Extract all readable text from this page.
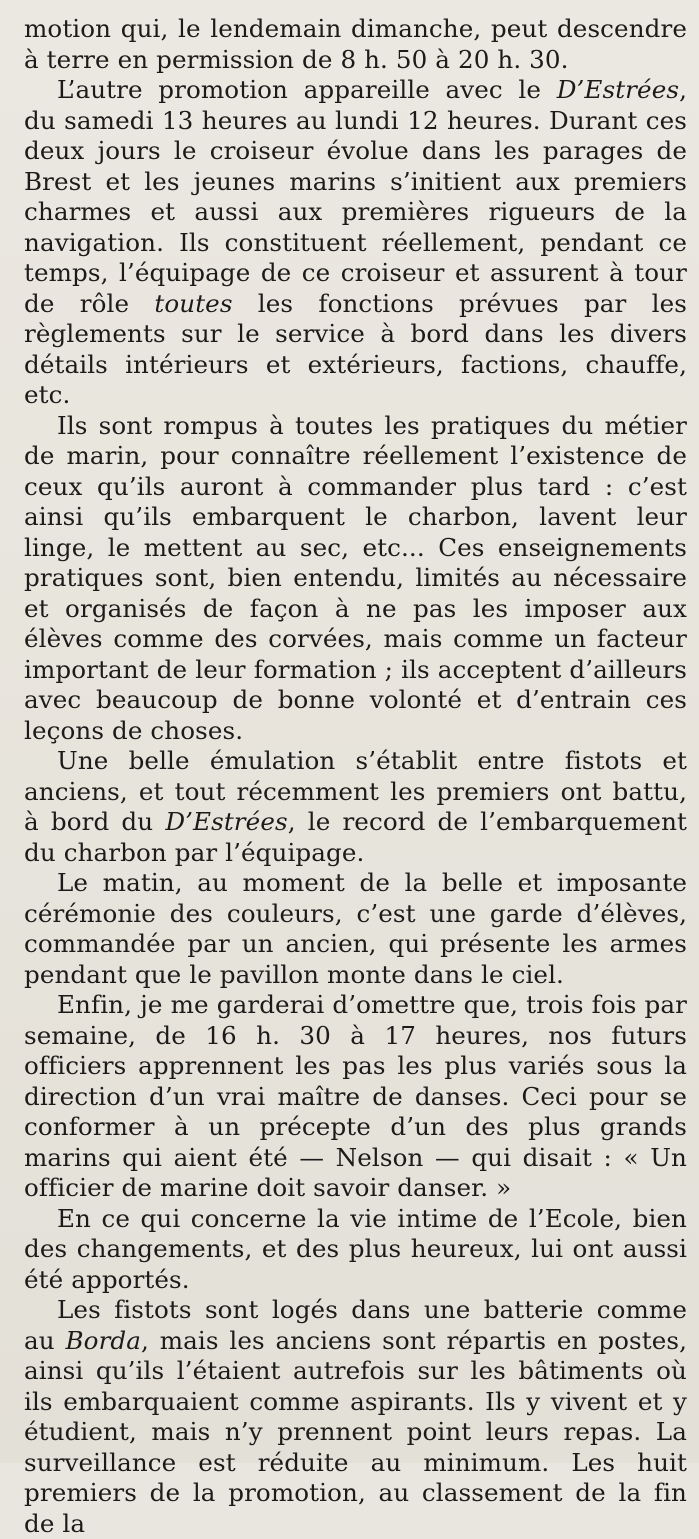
motion qui, le lendemain dimanche, peut descendre à terre en permission de 8 h. 50 à 20 h. 30.

L’autre promotion appareille avec le D’Estrées, du samedi 13 heures au lundi 12 heures. Durant ces deux jours le croiseur évolue dans les parages de Brest et les jeunes marins s’initient aux premiers charmes et aussi aux premières rigueurs de la navigation. Ils constituent réellement, pendant ce temps, l’équipage de ce croiseur et assurent à tour de rôle toutes les fonctions prévues par les règlements sur le service à bord dans les divers détails intérieurs et extérieurs, factions, chauffe, etc.

Ils sont rompus à toutes les pratiques du métier de marin, pour connaître réellement l’existence de ceux qu’ils auront à commander plus tard : c’est ainsi qu’ils embarquent le charbon, lavent leur linge, le mettent au sec, etc... Ces enseignements pratiques sont, bien entendu, limités au nécessaire et organisés de façon à ne pas les imposer aux élèves comme des corvées, mais comme un facteur important de leur formation ; ils acceptent d’ailleurs avec beaucoup de bonne volonté et d’entrain ces leçons de choses.

Une belle émulation s’établit entre fistots et anciens, et tout récemment les premiers ont battu, à bord du D’Estrées, le record de l’embarquement du charbon par l’équipage.

Le matin, au moment de la belle et imposante cérémonie des couleurs, c’est une garde d’élèves, commandée par un ancien, qui présente les armes pendant que le pavillon monte dans le ciel.

Enfin, je me garderai d’omettre que, trois fois par semaine, de 16 h. 30 à 17 heures, nos futurs officiers apprennent les pas les plus variés sous la direction d’un vrai maître de danses. Ceci pour se conformer à un précepte d’un des plus grands marins qui aient été — Nelson — qui disait : « Un officier de marine doit savoir danser. »

En ce qui concerne la vie intime de l’Ecole, bien des changements, et des plus heureux, lui ont aussi été apportés.

Les fistots sont logés dans une batterie comme au Borda, mais les anciens sont répartis en postes, ainsi qu’ils l’étaient autrefois sur les bâtiments où ils embarquaient comme aspirants. Ils y vivent et y étudient, mais n’y prennent point leurs repas. La surveillance est réduite au minimum. Les huit premiers de la promotion, au classement de la fin de la
